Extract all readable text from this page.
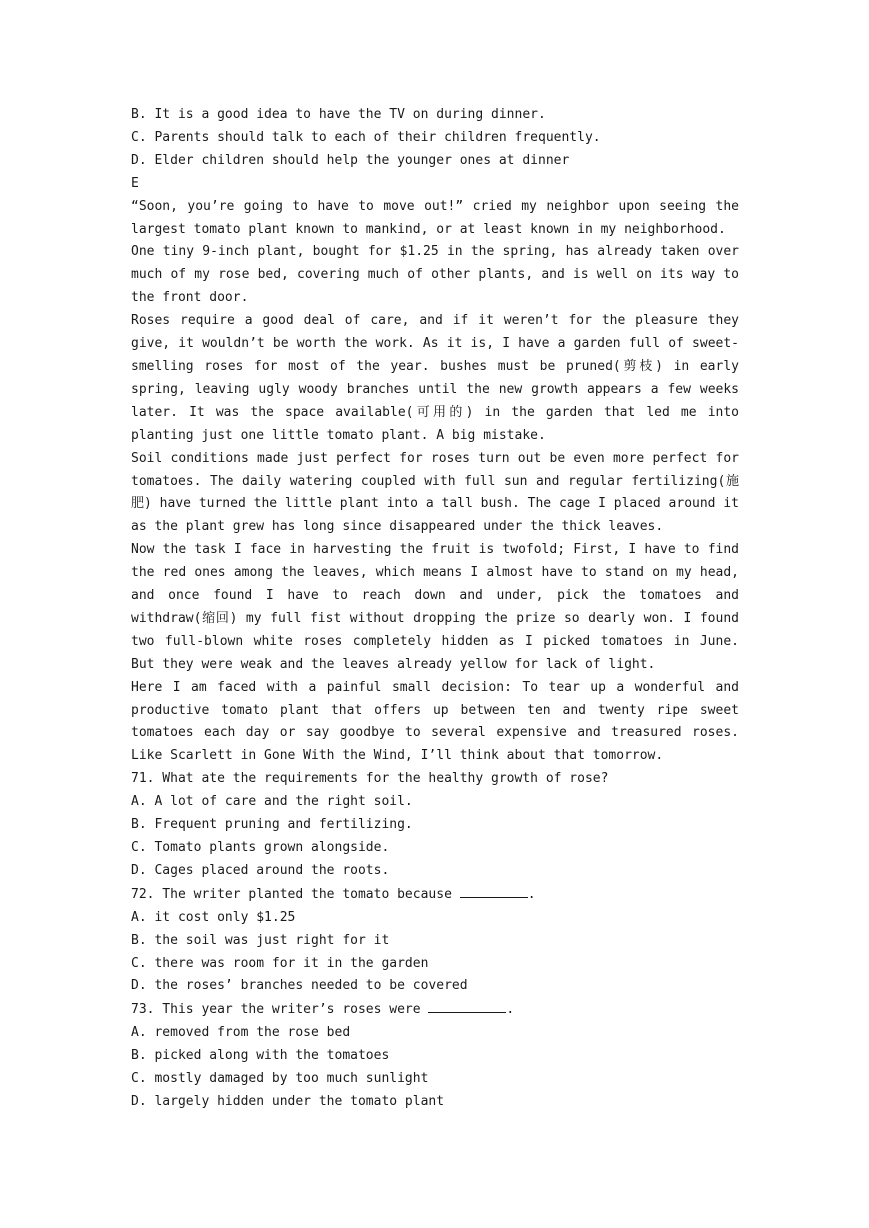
B. It is a good idea to have the TV on during dinner.
C. Parents should talk to each of their children frequently.
D. Elder children should help the younger ones at dinner
E
“Soon, you’re going to have to move out!” cried my neighbor upon seeing the largest tomato plant known to mankind, or at least known in my neighborhood.
One tiny 9-inch plant, bought for $1.25 in the spring, has already taken over much of my rose bed, covering much of other plants, and is well on its way to the front door.
Roses require a good deal of care, and if it weren’t for the pleasure they give, it wouldn’t be worth the work. As it is, I have a garden full of sweet-smelling roses for most of the year. bushes must be pruned(剪枝) in early spring, leaving ugly woody branches until the new growth appears a few weeks later. It was the space available(可用的) in the garden that led me into planting just one little tomato plant. A big mistake.
Soil conditions made just perfect for roses turn out be even more perfect for tomatoes. The daily watering coupled with full sun and regular fertilizing(施肥) have turned the little plant into a tall bush. The cage I placed around it as the plant grew has long since disappeared under the thick leaves.
Now the task I face in harvesting the fruit is twofold; First, I have to find the red ones among the leaves, which means I almost have to stand on my head, and once found I have to reach down and under, pick the tomatoes and withdraw(缩回) my full fist without dropping the prize so dearly won. I found two full-blown white roses completely hidden as I picked tomatoes in June. But they were weak and the leaves already yellow for lack of light.
Here I am faced with a painful small decision: To tear up a wonderful and productive tomato plant that offers up between ten and twenty ripe sweet tomatoes each day or say goodbye to several expensive and treasured roses. Like Scarlett in Gone With the Wind, I’ll think about that tomorrow.
71. What ate the requirements for the healthy growth of rose?
A. A lot of care and the right soil.
B. Frequent pruning and fertilizing.
C. Tomato plants grown alongside.
D. Cages placed around the roots.
72. The writer planted the tomato because	.
A. it cost only $1.25
B. the soil was just right for it
C. there was room for it in the garden
D. the roses’ branches needed to be covered
73. This year the writer’s roses were	.
A. removed from the rose bed
B. picked along with the tomatoes
C. mostly damaged by too much sunlight
D. largely hidden under the tomato plant
